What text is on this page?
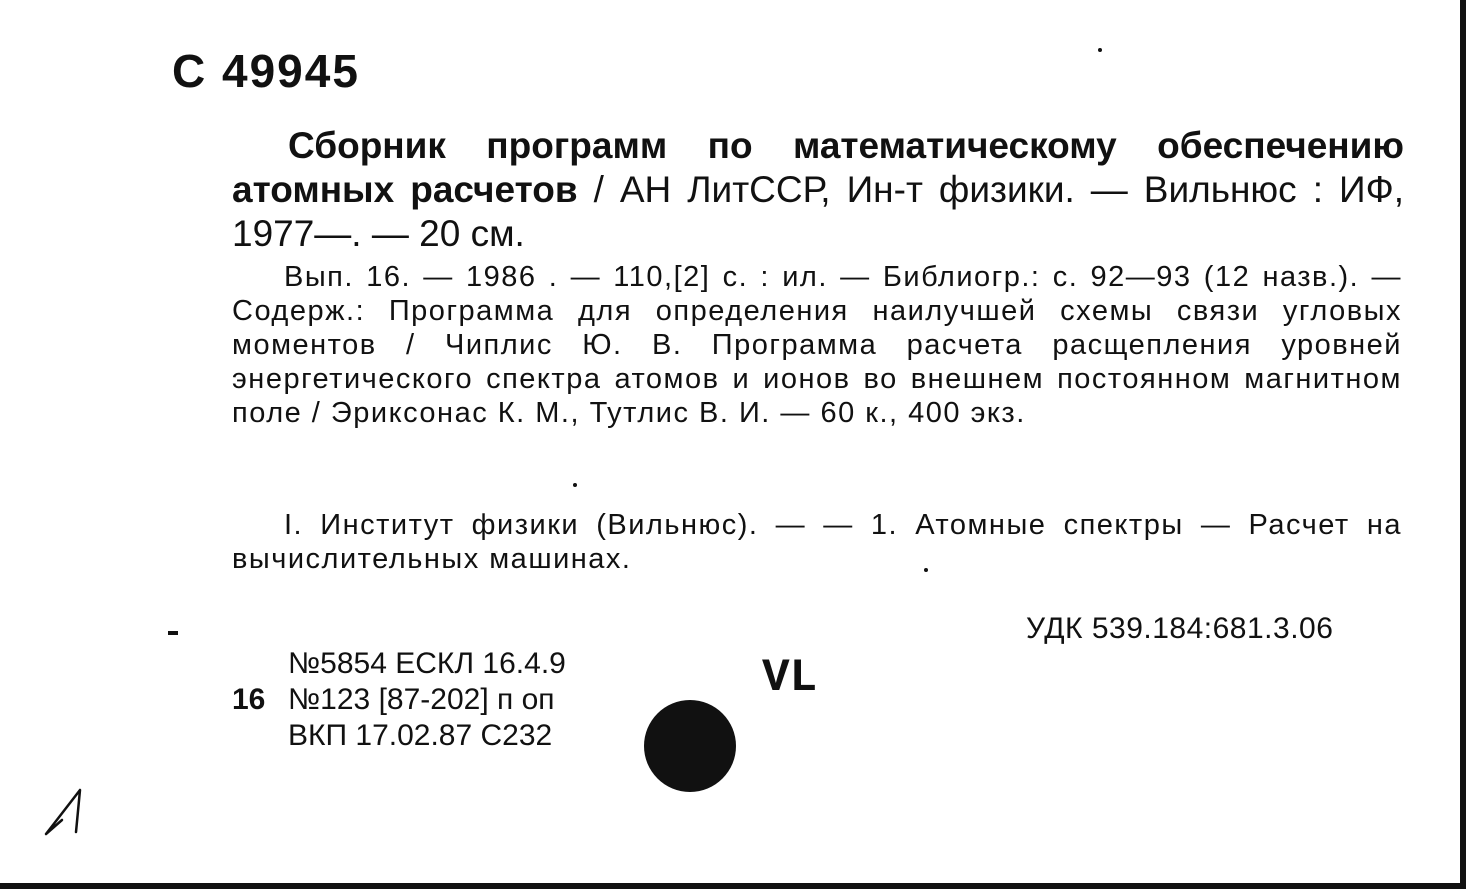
С 49945
Сборник программ по математическому обеспечению атомных расчетов / АН ЛитССР, Ин-т физики. — Вильнюс : ИФ, 1977—. — 20 см.
Вып. 16. — 1986 . — 110,[2] с. : ил. — Библиогр.: с. 92—93 (12 назв.). — Содерж.: Программа для определения наилучшей схемы связи угловых моментов / Чиплис Ю. В. Программа расчета расщепления уровней энергетического спектра атомов и ионов во внешнем постоянном магнитном поле / Эриксонас К. М., Тутлис В. И. — 60 к., 400 экз.
I. Институт физики (Вильнюс). — — 1. Атомные спектры — Расчет на вычислительных машинах.
УДК 539.184:681.3.06
№5854 ЕСКЛ 16.4.9
16 №123 [87-202] п оп
ВКП 17.02.87 С232
VL
